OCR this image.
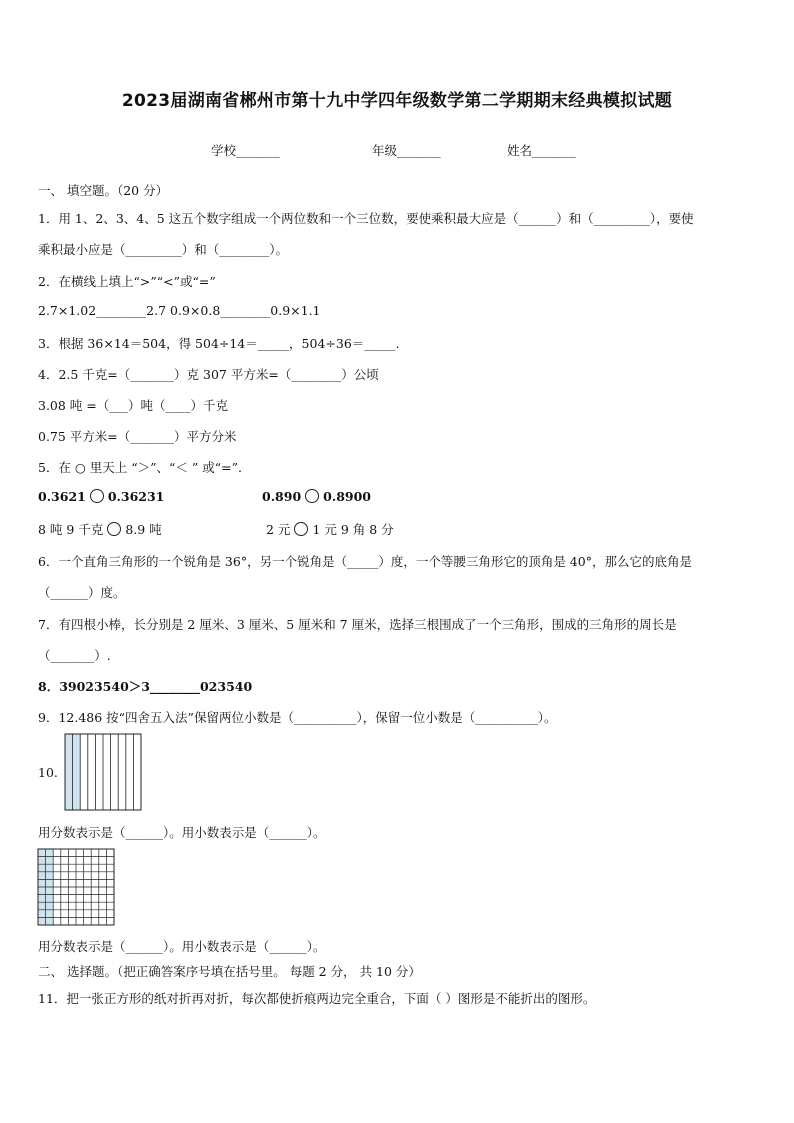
2023届湖南省郴州市第十九中学四年级数学第二学期期末经典模拟试题
学校_______	年级_______	姓名_______
一、 填空题。（20 分）
1．用 1、2、3、4、5 这五个数字组成一个两位数和一个三位数，要使乘积最大应是（______）和（_________），要使
乘积最小应是（_________）和（________）。
2．在横线上填上“>”“<”或“=”
2.7×1.02________2.7 0.9×0.8________0.9×1.1
3．根据 36×14＝504，得 504÷14＝_____，504÷36＝_____.
4．2.5 千克=（_______）克 307 平方米=（________）公顷
3.08 吨 =（___）吨（____）千克
0.75 平方米=（_______）平方分米
5．在 ○ 里天上 “＞”、“＜ ” 或“=”.
0.3621 0.36231	0.890 0.8900
8 吨 9 千克 8.9 吨	2 元 1 元 9 角 8 分
6．一个直角三角形的一个锐角是 36°，另一个锐角是（_____）度，一个等腰三角形它的顶角是 40°，那么它的底角是
（______）度。
7．有四根小棒，长分别是 2 厘米、3 厘米、5 厘米和 7 厘米，选择三根围成了一个三角形，围成的三角形的周长是
（_______）.
8．39023540＞3________023540
9．12.486 按“四舍五入法”保留两位小数是（__________），保留一位小数是（__________）。
10.
用分数表示是（______）。用小数表示是（______）。
用分数表示是（______）。用小数表示是（______）。
二、 选择题。（把正确答案序号填在括号里。 每题 2 分， 共 10 分）
11．把一张正方形的纸对折再对折，每次都使折痕两边完全重合，下面（ ）图形是不能折出的图形。
